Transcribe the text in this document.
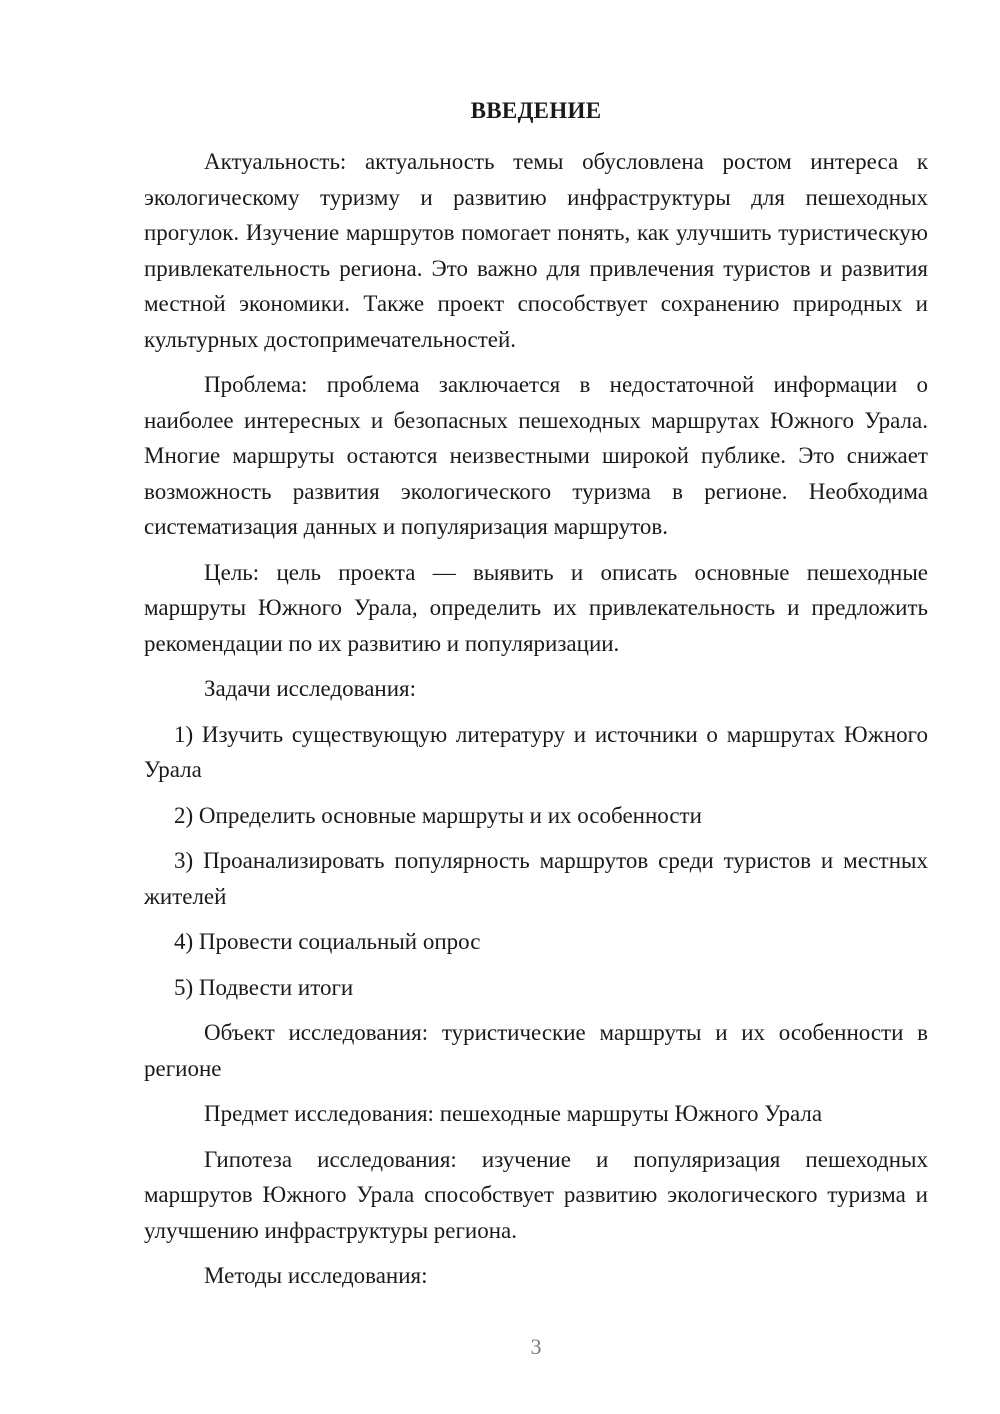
ВВЕДЕНИЕ

Актуальность: актуальность темы обусловлена ростом интереса к экологическому туризму и развитию инфраструктуры для пешеходных прогулок. Изучение маршрутов помогает понять, как улучшить туристическую привлекательность региона. Это важно для привлечения туристов и развития местной экономики. Также проект способствует сохранению природных и культурных достопримечательностей.

Проблема: проблема заключается в недостаточной информации о наиболее интересных и безопасных пешеходных маршрутах Южного Урала. Многие маршруты остаются неизвестными широкой публике. Это снижает возможность развития экологического туризма в регионе. Необходима систематизация данных и популяризация маршрутов.

Цель: цель проекта — выявить и описать основные пешеходные маршруты Южного Урала, определить их привлекательность и предложить рекомендации по их развитию и популяризации.

Задачи исследования:

1) Изучить существующую литературу и источники о маршрутах Южного Урала

2) Определить основные маршруты и их особенности

3) Проанализировать популярность маршрутов среди туристов и местных жителей

4) Провести социальный опрос

5) Подвести итоги

Объект исследования: туристические маршруты и их особенности в регионе

Предмет исследования: пешеходные маршруты Южного Урала

Гипотеза исследования: изучение и популяризация пешеходных маршрутов Южного Урала способствует развитию экологического туризма и улучшению инфраструктуры региона.

Методы исследования:

3
